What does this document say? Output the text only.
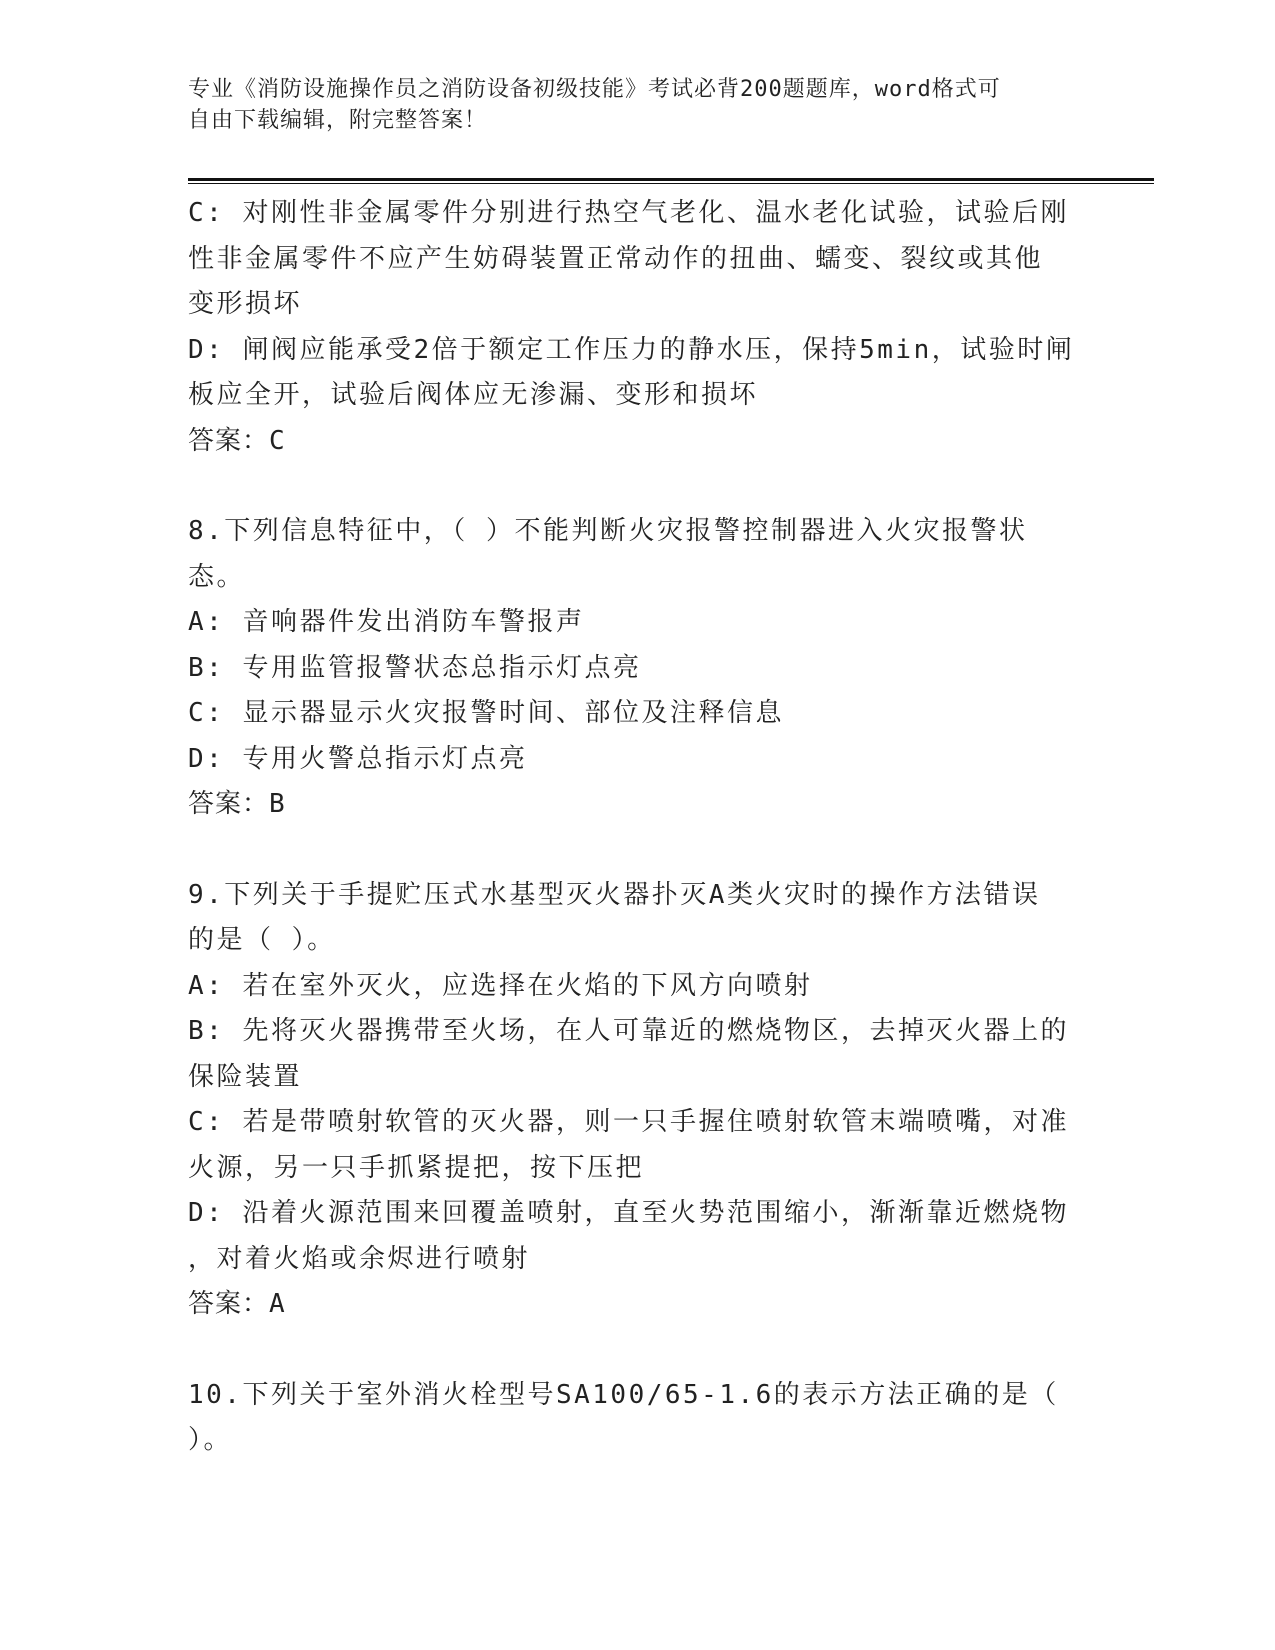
专业《消防设施操作员之消防设备初级技能》考试必背200题题库，word格式可
自由下载编辑，附完整答案！
C: 对刚性非金属零件分别进行热空气老化、温水老化试验，试验后刚
性非金属零件不应产生妨碍装置正常动作的扭曲、蠕变、裂纹或其他
变形损坏
D: 闸阀应能承受2倍于额定工作压力的静水压，保持5min，试验时闸
板应全开，试验后阀体应无渗漏、变形和损坏
答案：C
8.下列信息特征中，（ ）不能判断火灾报警控制器进入火灾报警状
态。
A: 音响器件发出消防车警报声
B: 专用监管报警状态总指示灯点亮
C: 显示器显示火灾报警时间、部位及注释信息
D: 专用火警总指示灯点亮
答案：B
9.下列关于手提贮压式水基型灭火器扑灭A类火灾时的操作方法错误
的是（ ）。
A: 若在室外灭火，应选择在火焰的下风方向喷射
B: 先将灭火器携带至火场，在人可靠近的燃烧物区，去掉灭火器上的
保险装置
C: 若是带喷射软管的灭火器，则一只手握住喷射软管末端喷嘴，对准
火源，另一只手抓紧提把，按下压把
D: 沿着火源范围来回覆盖喷射，直至火势范围缩小，渐渐靠近燃烧物
，对着火焰或余烬进行喷射
答案：A
10.下列关于室外消火栓型号SA100/65-1.6的表示方法正确的是（
）。
